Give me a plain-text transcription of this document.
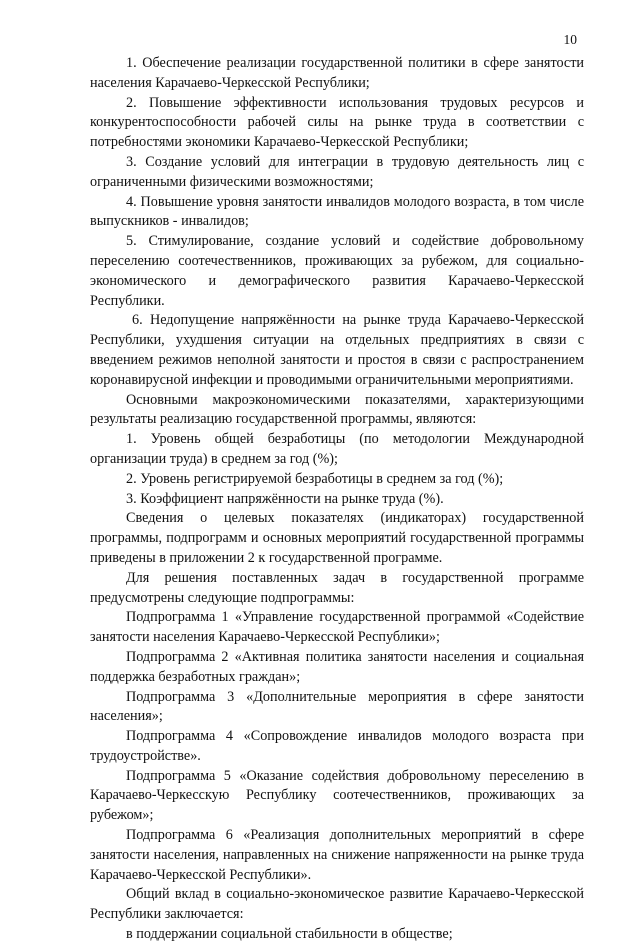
10

1. Обеспечение реализации государственной политики в сфере занятости населения Карачаево-Черкесской Республики;

2. Повышение эффективности использования трудовых ресурсов и конкурентоспособности рабочей силы на рынке труда в соответствии с потребностями экономики Карачаево-Черкесской Республики;

3. Создание условий для интеграции в трудовую деятельность лиц с ограниченными физическими возможностями;

4. Повышение уровня занятости инвалидов молодого возраста, в том числе выпускников - инвалидов;

5. Стимулирование, создание условий и содействие добровольному переселению соотечественников, проживающих за рубежом, для социально-экономического и демографического развития Карачаево-Черкесской Республики.

6. Недопущение напряжённости на рынке труда Карачаево-Черкесской Республики, ухудшения ситуации на отдельных предприятиях в связи с введением режимов неполной занятости и простоя в связи с распространением коронавирусной инфекции и проводимыми ограничительными мероприятиями.

Основными макроэкономическими показателями, характеризующими результаты реализацию государственной программы, являются:

1. Уровень общей безработицы (по методологии Международной организации труда) в среднем за год (%);

2. Уровень регистрируемой безработицы в среднем за год (%);

3. Коэффициент напряжённости на рынке труда (%).

Сведения о целевых показателях (индикаторах) государственной программы, подпрограмм и основных мероприятий государственной программы приведены в приложении 2 к государственной программе.

Для решения поставленных задач в государственной программе предусмотрены следующие подпрограммы:

Подпрограмма 1 «Управление государственной программой «Содействие занятости населения Карачаево-Черкесской Республики»;

Подпрограмма 2 «Активная политика занятости населения и социальная поддержка безработных граждан»;

Подпрограмма 3 «Дополнительные мероприятия в сфере занятости населения»;

Подпрограмма 4 «Сопровождение инвалидов молодого возраста при трудоустройстве».

Подпрограмма 5 «Оказание содействия добровольному переселению в Карачаево-Черкесскую Республику соотечественников, проживающих за рубежом»;

Подпрограмма 6 «Реализация дополнительных мероприятий в сфере занятости населения, направленных на снижение напряженности на рынке труда Карачаево-Черкесской Республики».

Общий вклад в социально-экономическое развитие Карачаево-Черкесской Республики заключается:

в поддержании социальной стабильности в обществе;
